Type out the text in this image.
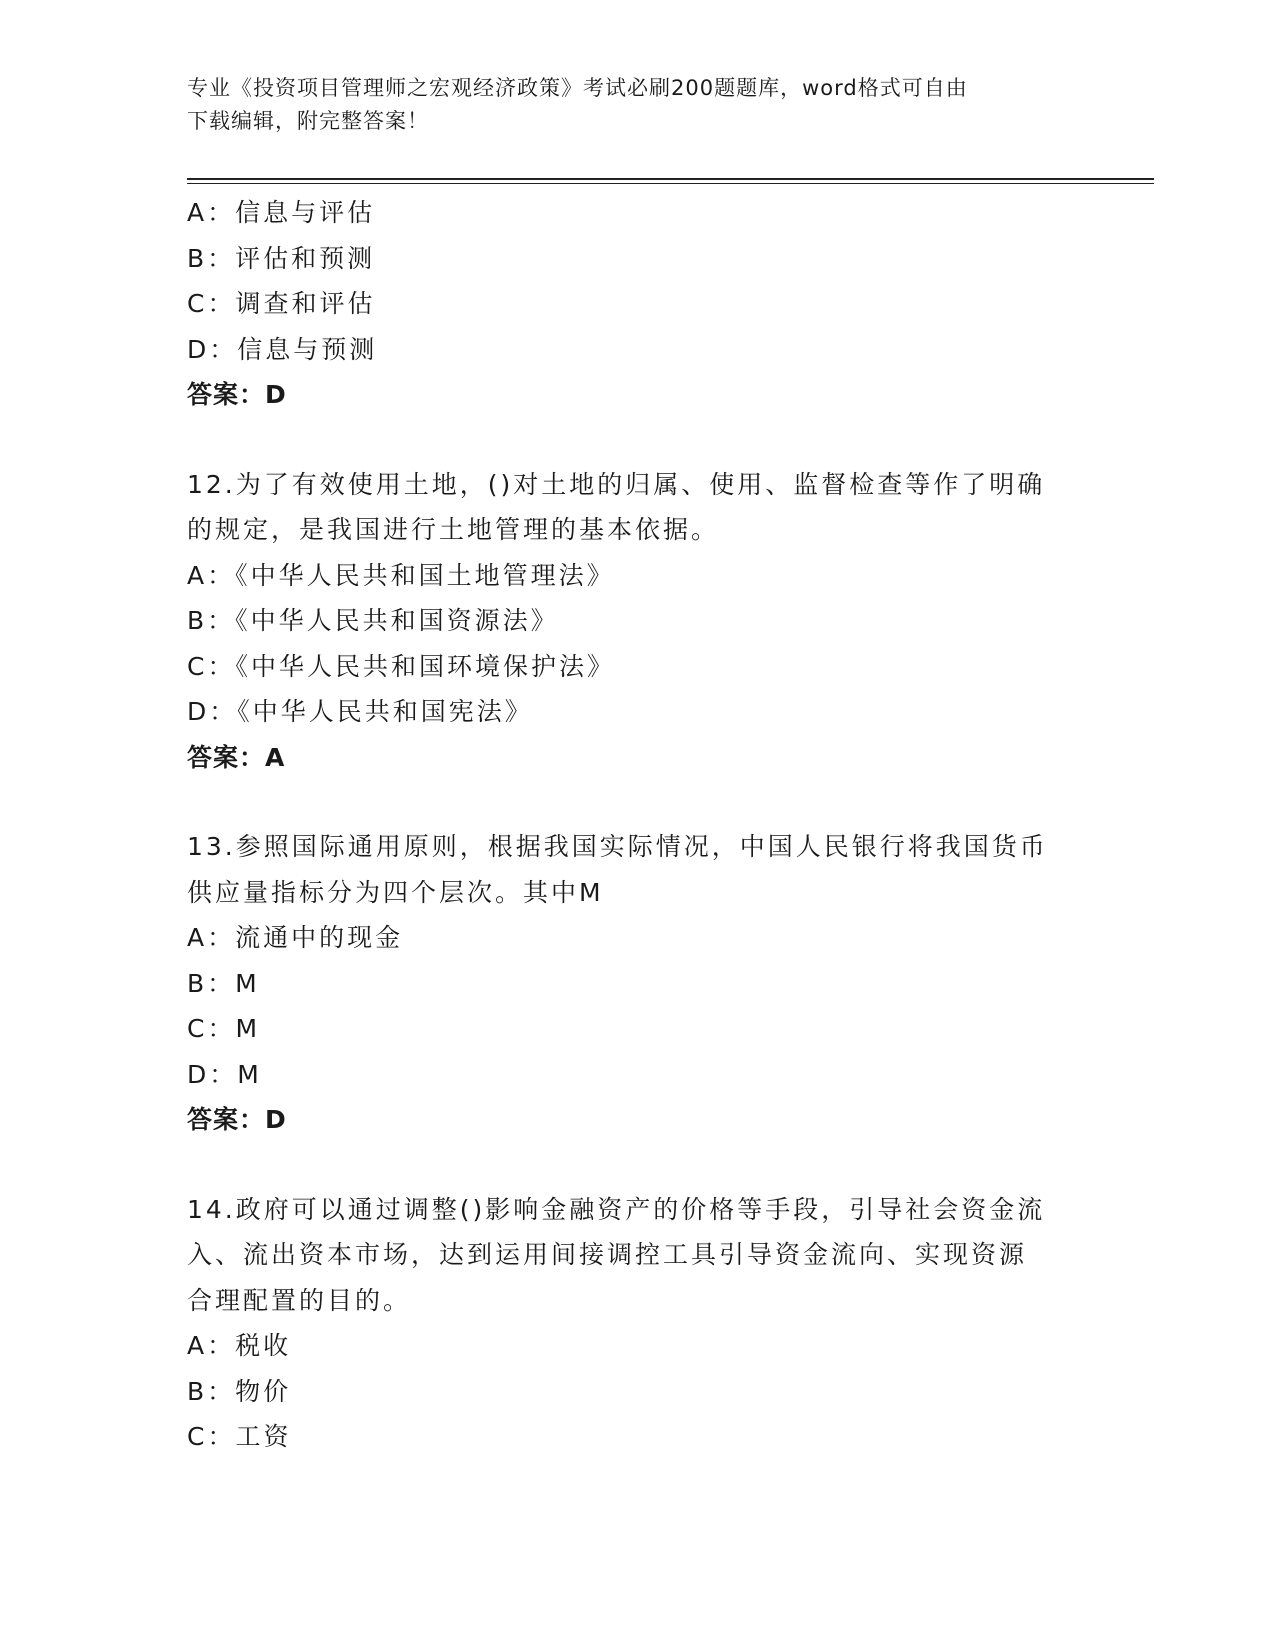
专业《投资项目管理师之宏观经济政策》考试必刷200题题库，word格式可自由
下载编辑，附完整答案！
A：信息与评估
B：评估和预测
C：调查和评估
D：信息与预测
答案：D
12.为了有效使用土地，()对土地的归属、使用、监督检查等作了明确
的规定，是我国进行土地管理的基本依据。
A：《中华人民共和国土地管理法》
B：《中华人民共和国资源法》
C：《中华人民共和国环境保护法》
D：《中华人民共和国宪法》
答案：A
13.参照国际通用原则，根据我国实际情况，中国人民银行将我国货币
供应量指标分为四个层次。其中M
A：流通中的现金
B：M
C：M
D：M
答案：D
14.政府可以通过调整()影响金融资产的价格等手段，引导社会资金流
入、流出资本市场，达到运用间接调控工具引导资金流向、实现资源
合理配置的目的。
A：税收
B：物价
C：工资
